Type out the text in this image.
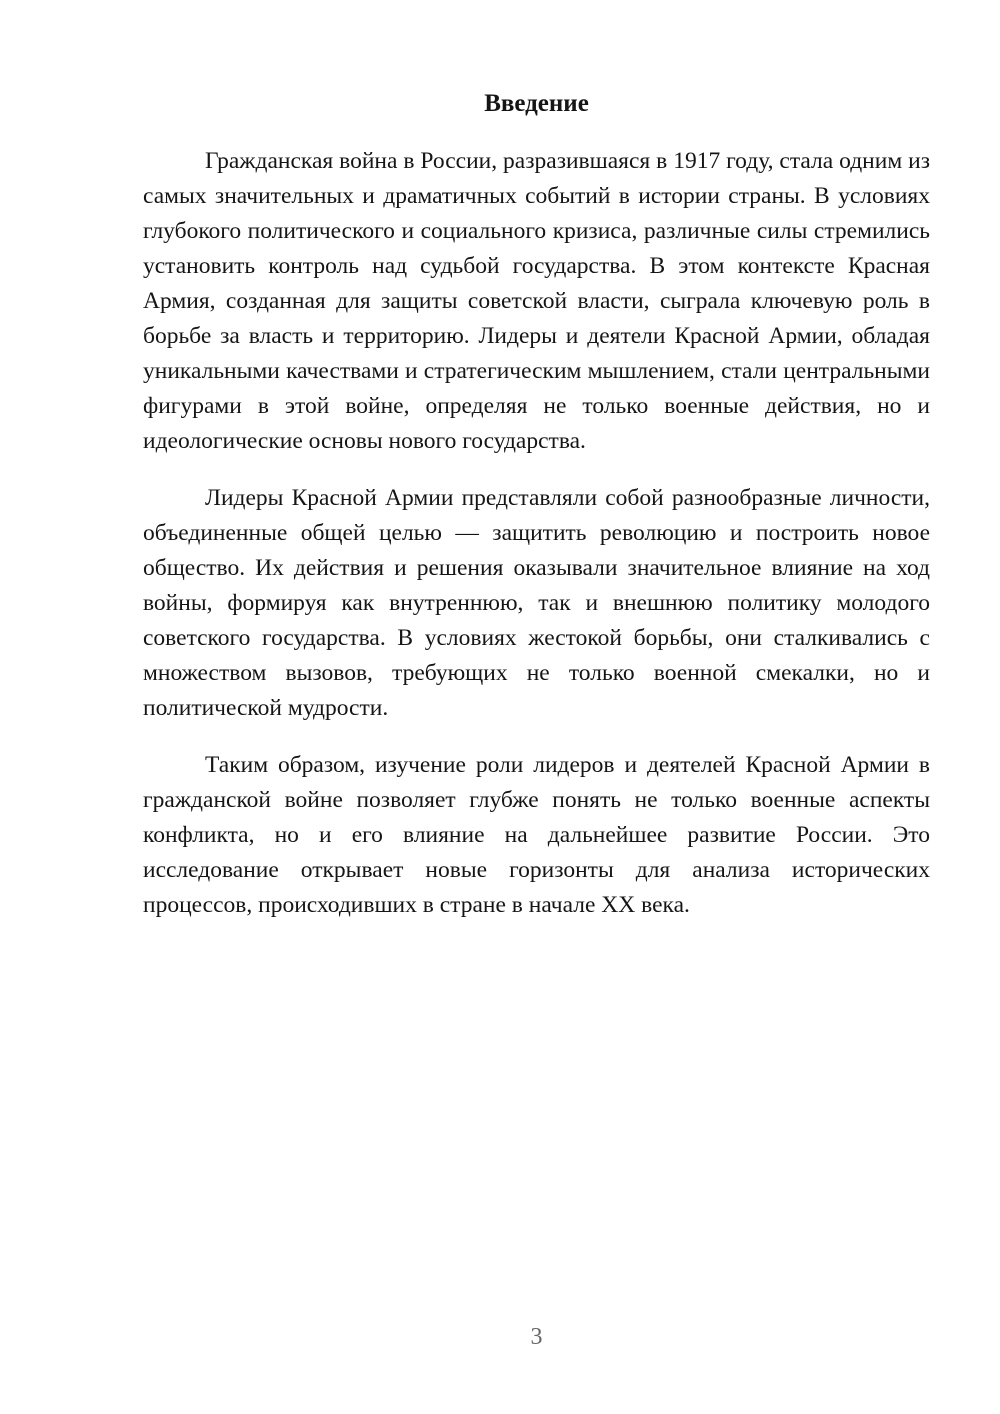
Введение

Гражданская война в России, разразившаяся в 1917 году, стала одним из самых значительных и драматичных событий в истории страны. В условиях глубокого политического и социального кризиса, различные силы стремились установить контроль над судьбой государства. В этом контексте Красная Армия, созданная для защиты советской власти, сыграла ключевую роль в борьбе за власть и территорию. Лидеры и деятели Красной Армии, обладая уникальными качествами и стратегическим мышлением, стали центральными фигурами в этой войне, определяя не только военные действия, но и идеологические основы нового государства.

Лидеры Красной Армии представляли собой разнообразные личности, объединенные общей целью — защитить революцию и построить новое общество. Их действия и решения оказывали значительное влияние на ход войны, формируя как внутреннюю, так и внешнюю политику молодого советского государства. В условиях жестокой борьбы, они сталкивались с множеством вызовов, требующих не только военной смекалки, но и политической мудрости.

Таким образом, изучение роли лидеров и деятелей Красной Армии в гражданской войне позволяет глубже понять не только военные аспекты конфликта, но и его влияние на дальнейшее развитие России. Это исследование открывает новые горизонты для анализа исторических процессов, происходивших в стране в начале XX века.

3
